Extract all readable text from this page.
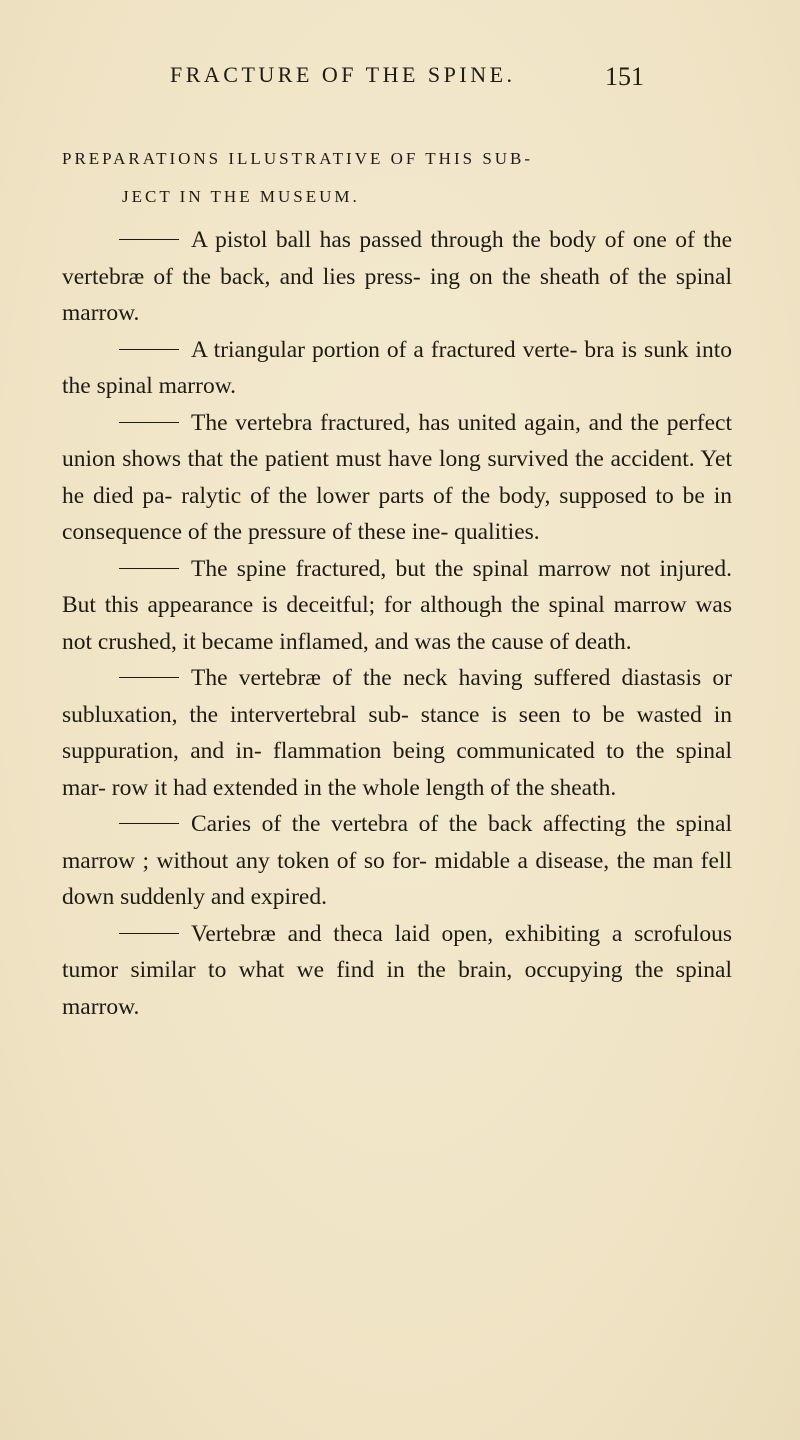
FRACTURE OF THE SPINE.	151
PREPARATIONS ILLUSTRATIVE OF THIS SUB-
JECT IN THE MUSEUM.

A pistol ball has passed through the body of one of the vertebræ of the back, and lies press- ing on the sheath of the spinal marrow.

A triangular portion of a fractured verte- bra is sunk into the spinal marrow.

The vertebra fractured, has united again, and the perfect union shows that the patient must have long survived the accident. Yet he died pa- ralytic of the lower parts of the body, supposed to be in consequence of the pressure of these ine- qualities.

The spine fractured, but the spinal marrow not injured. But this appearance is deceitful; for although the spinal marrow was not crushed, it became inflamed, and was the cause of death.

The vertebræ of the neck having suffered diastasis or subluxation, the intervertebral sub- stance is seen to be wasted in suppuration, and in- flammation being communicated to the spinal mar- row it had extended in the whole length of the sheath.

Caries of the vertebra of the back affecting the spinal marrow ; without any token of so for- midable a disease, the man fell down suddenly and expired.

Vertebræ and theca laid open, exhibiting a scrofulous tumor similar to what we find in the brain, occupying the spinal marrow.
